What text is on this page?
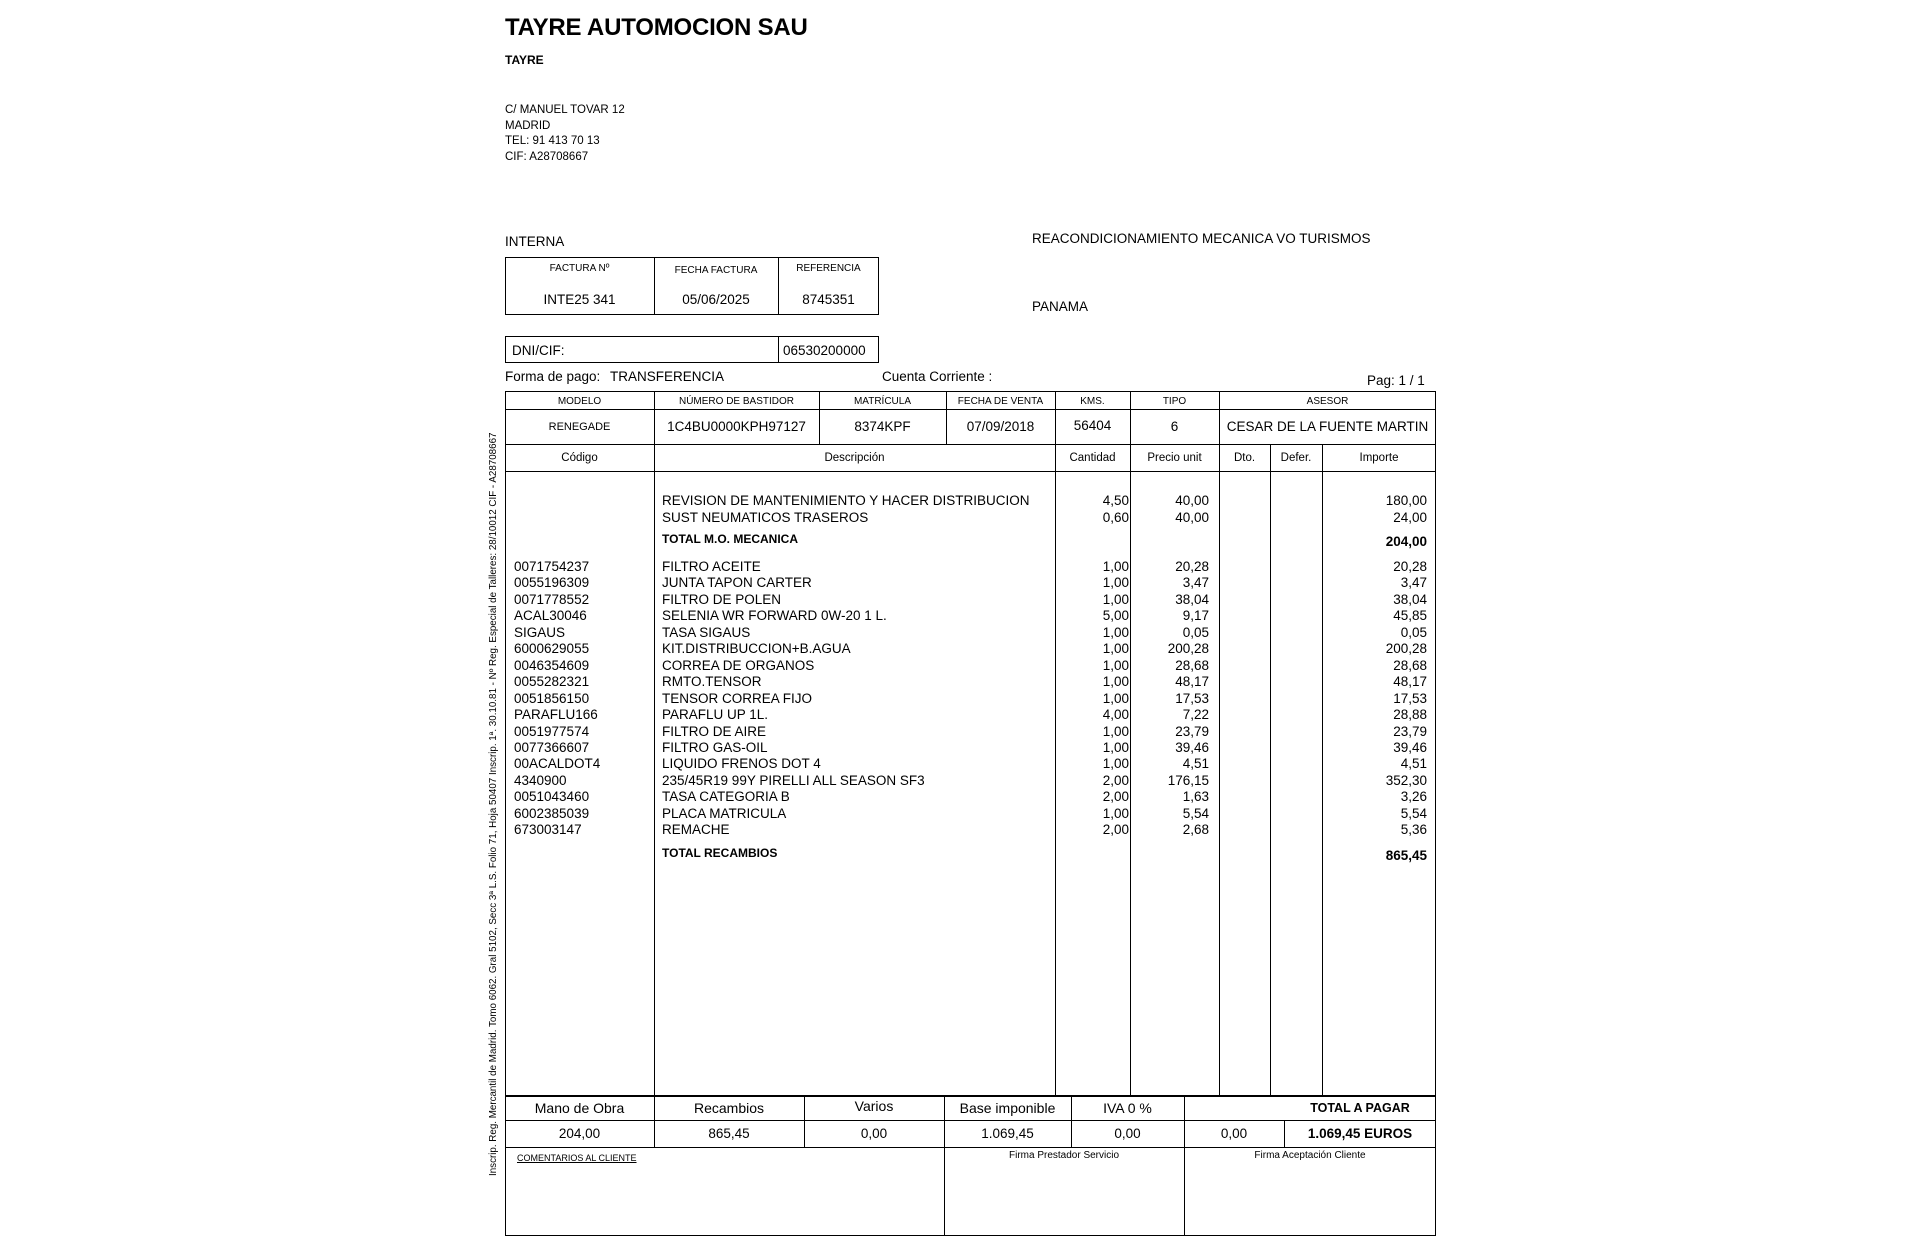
TAYRE AUTOMOCION SAU
TAYRE
C/ MANUEL TOVAR 12
MADRID
TEL: 91 413 70 13
CIF: A28708667
INTERNA	REACONDICIONAMIENTO MECANICA VO TURISMOS
PANAMA
FACTURA Nº	FECHA FACTURA	REFERENCIA
INTE25 341	05/06/2025	8745351
DNI/CIF:	06530200000
Forma de pago: TRANSFERENCIA	Cuenta Corriente :	Pag: 1 / 1
MODELO	NÚMERO DE BASTIDOR	MATRÍCULA	FECHA DE VENTA	KMS.	TIPO	ASESOR
RENEGADE	1C4BU0000KPH97127	8374KPF	07/09/2018	56404	6	CESAR DE LA FUENTE MARTIN
Código	Descripción	Cantidad	Precio unit	Dto.	Defer.	Importe
REVISION DE MANTENIMIENTO Y HACER DISTRIBUCION	4,50	40,00	180,00
SUST NEUMATICOS TRASEROS	0,60	40,00	24,00
TOTAL M.O. MECANICA	204,00
0071754237	FILTRO ACEITE	1,00	20,28	20,28
0055196309	JUNTA TAPON CARTER	1,00	3,47	3,47
0071778552	FILTRO DE POLEN	1,00	38,04	38,04
ACAL30046	SELENIA WR FORWARD 0W-20 1 L.	5,00	9,17	45,85
SIGAUS	TASA SIGAUS	1,00	0,05	0,05
6000629055	KIT.DISTRIBUCCION+B.AGUA	1,00	200,28	200,28
0046354609	CORREA DE ORGANOS	1,00	28,68	28,68
0055282321	RMTO.TENSOR	1,00	48,17	48,17
0051856150	TENSOR CORREA FIJO	1,00	17,53	17,53
PARAFLU166	PARAFLU UP 1L.	4,00	7,22	28,88
0051977574	FILTRO DE AIRE	1,00	23,79	23,79
0077366607	FILTRO GAS-OIL	1,00	39,46	39,46
00ACALDOT4	LIQUIDO FRENOS DOT 4	1,00	4,51	4,51
4340900	235/45R19 99Y PIRELLI ALL SEASON SF3	2,00	176,15	352,30
0051043460	TASA CATEGORIA B	2,00	1,63	3,26
6002385039	PLACA MATRICULA	1,00	5,54	5,54
673003147	REMACHE	2,00	2,68	5,36
TOTAL RECAMBIOS	865,45
Mano de Obra	Recambios	Varios	Base imponible	IVA 0 %	TOTAL A PAGAR
204,00	865,45	0,00	1.069,45	0,00	0,00	1.069,45 EUROS
COMENTARIOS AL CLIENTE	Firma Prestador Servicio	Firma Aceptación Cliente
Inscrip. Reg. Mercantil de Madrid. Tomo 6062. Gral 5102, Secc 3ª L.S. Folio 71, Hoja 50407 Inscrip. 1ª. 30.10.81 - Nº Reg. Especial de Talleres: 28/10012 CIF - A28708667
